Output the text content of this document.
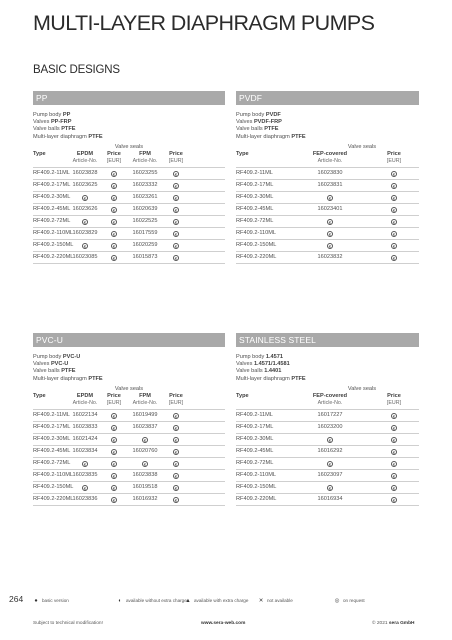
MULTI-LAYER DIAPHRAGM PUMPS
BASIC DESIGNS
PP
Pump body PP
Valves PP-FRP
Valve balls PTFE
Multi-layer diaphragm PTFE
Valve seals
Type	EPDM	Price	FPM	Price
Article-No.	[EUR]	Article-No.	[EUR]
RF409.2-11ML 16023828	€	16023255	€
RF409.2-17ML 16023625	€	16023332	€
RF409.2-30ML	€	€	16023261	€
RF409.2-45ML 16023626	€	16020639	€
RF409.2-72ML	€	€	16022525	€
RF409.2-110ML 16023829	€	16017559	€
RF409.2-150ML	€	€	16020259	€
RF409.2-220ML 16023085	€	16015873	€
PVDF
Pump body PVDF
Valves PVDF-FRP
Valve balls PTFE
Multi-layer diaphragm PTFE
Valve seals
Type	FEP-covered	Price
Article-No.	[EUR]
RF409.2-11ML	16023830	€
RF409.2-17ML	16023831	€
RF409.2-30ML	€	€
RF409.2-45ML	16023401	€
RF409.2-72ML	€	€
RF409.2-110ML	€	€
RF409.2-150ML	€	€
RF409.2-220ML	16023832	€
PVC-U
Pump body PVC-U
Valves PVC-U
Valve balls PTFE
Multi-layer diaphragm PTFE
Valve seals
Type	EPDM	Price	FPM	Price
Article-No.	[EUR]	Article-No.	[EUR]
RF409.2-11ML 16022134	€	16019499	€
RF409.2-17ML 16023833	€	16023837	€
RF409.2-30ML 16021424	€	€	€
RF409.2-45ML 16023834	€	16020760	€
RF409.2-72ML	€	€	€	€
RF409.2-110ML 16023835	€	16023838	€
RF409.2-150ML	€	€	16019518	€
RF409.2-220ML 16023836	€	16016932	€
STAINLESS STEEL
Pump body 1.4571
Valves 1.4571/1.4581
Valve balls 1.4401
Multi-layer diaphragm PTFE
Valve seals
Type	FEP-covered	Price
Article-No.	[EUR]
RF409.2-11ML	16017227	€
RF409.2-17ML	16023200	€
RF409.2-30ML	€	€
RF409.2-45ML	16016292	€
RF409.2-72ML	€	€
RF409.2-110ML	16023097	€
RF409.2-150ML	€	€
RF409.2-220ML	16016934	€
264 ● basic version	◐ available without extra charge
▲ available with extra charge ✕ not available	◎ on request
Subject to technical modification!	www.sera-web.com	© 2021 sera GmbH
